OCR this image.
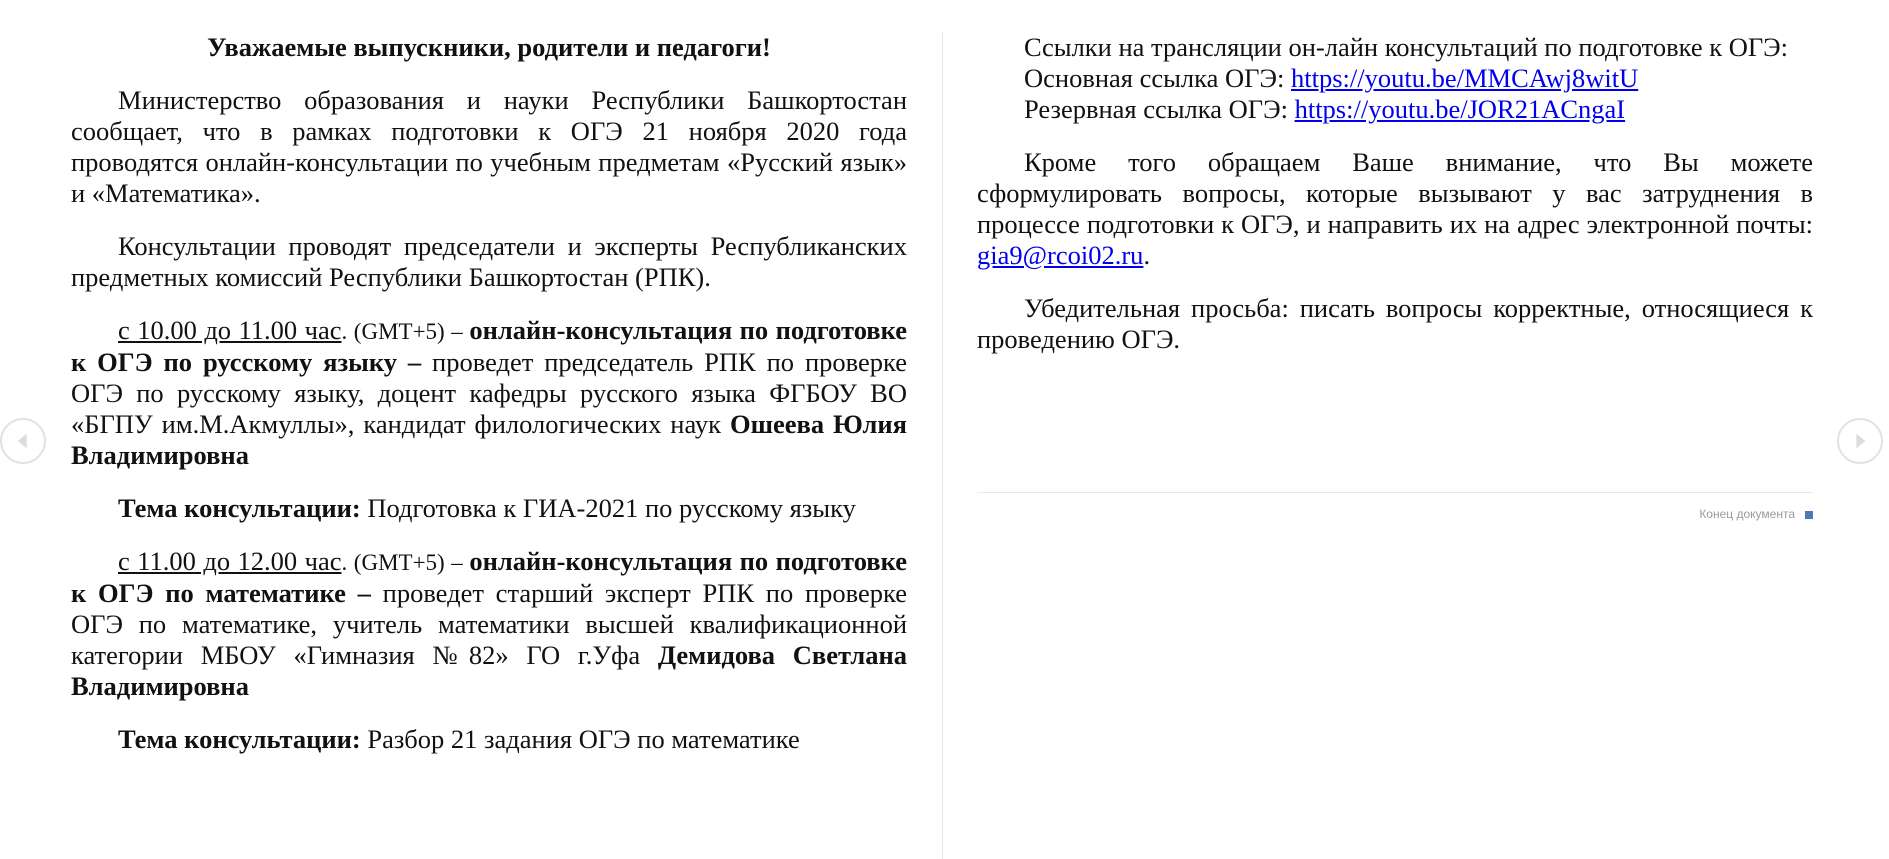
Уважаемые выпускники, родители и педагоги!

Министерство образования и науки Республики Башкортостан сообщает, что в рамках подготовки к ОГЭ 21 ноября 2020 года проводятся онлайн-консультации по учебным предметам «Русский язык» и «Математика».

Консультации проводят председатели и эксперты Республиканских предметных комиссий Республики Башкортостан (РПК).

с 10.00 до 11.00 час. (GMT+5) – онлайн-консультация по подготовке к ОГЭ по русскому языку – проведет председатель РПК по проверке ОГЭ по русскому языку, доцент кафедры русского языка ФГБОУ ВО «БГПУ им.М.Акмуллы», кандидат филологических наук Ошеева Юлия Владимировна

Тема консультации: Подготовка к ГИА-2021 по русскому языку

с 11.00 до 12.00 час. (GMT+5) – онлайн-консультация по подготовке к ОГЭ по математике – проведет старший эксперт РПК по проверке ОГЭ по математике, учитель математики высшей квалификационной категории МБОУ «Гимназия №82» ГО г.Уфа Демидова Светлана Владимировна

Тема консультации: Разбор 21 задания ОГЭ по математике

Ссылки на трансляции он-лайн консультаций по подготовке к ОГЭ:

Основная ссылка ОГЭ: https://youtu.be/MMCAwj8witU

Резервная ссылка ОГЭ: https://youtu.be/JOR21ACngaI

Кроме того обращаем Ваше внимание, что Вы можете сформулировать вопросы, которые вызывают у вас затруднения в процессе подготовки к ОГЭ, и направить их на адрес электронной почты: gia9@rcoi02.ru.

Убедительная просьба: писать вопросы корректные, относящиеся к проведению ОГЭ.

Конец документа
